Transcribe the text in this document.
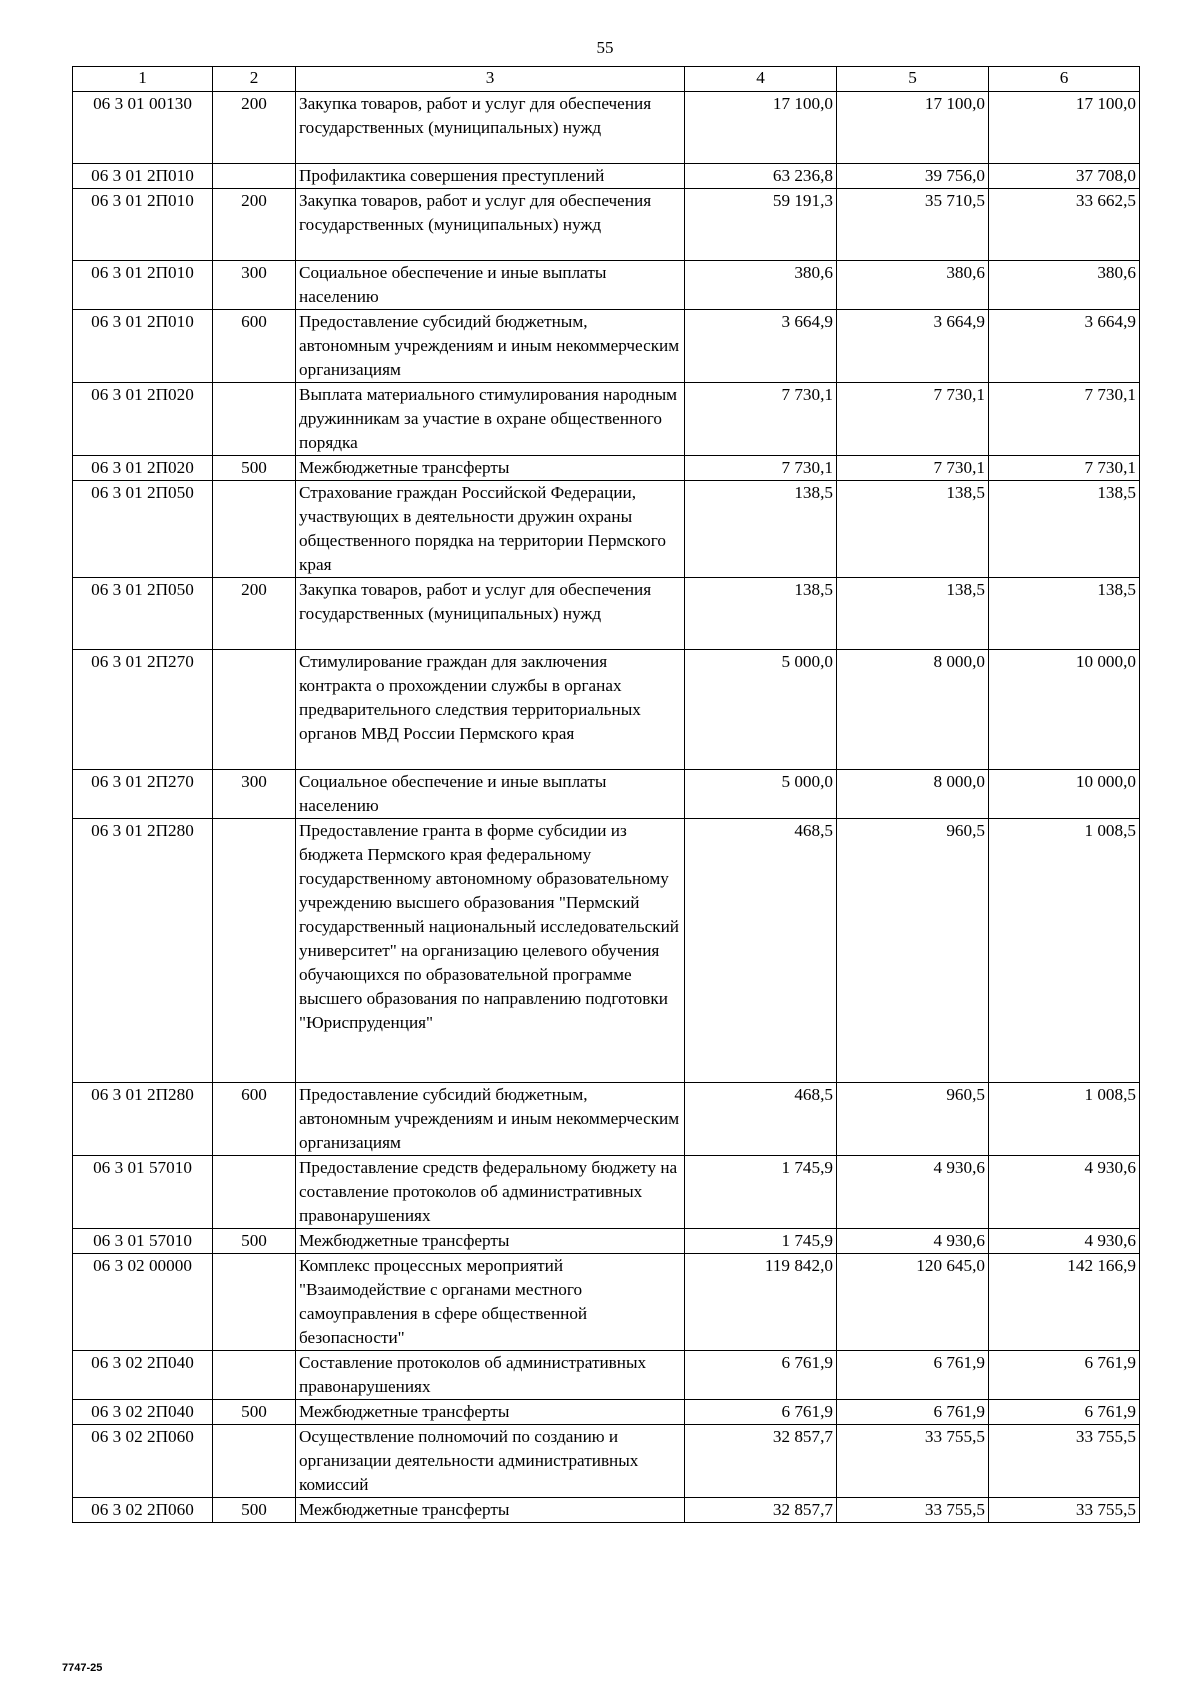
55
1	2	3	4	5	6
06 3 01 00130	200	Закупка товаров, работ и услуг для обеспечения государственных (муниципальных) нужд	17 100,0	17 100,0	17 100,0
06 3 01 2П010		Профилактика совершения преступлений	63 236,8	39 756,0	37 708,0
06 3 01 2П010	200	Закупка товаров, работ и услуг для обеспечения государственных (муниципальных) нужд	59 191,3	35 710,5	33 662,5
06 3 01 2П010	300	Социальное обеспечение и иные выплаты населению	380,6	380,6	380,6
06 3 01 2П010	600	Предоставление субсидий бюджетным, автономным учреждениям и иным некоммерческим организациям	3 664,9	3 664,9	3 664,9
06 3 01 2П020		Выплата материального стимулирования народным дружинникам за участие в охране общественного порядка	7 730,1	7 730,1	7 730,1
06 3 01 2П020	500	Межбюджетные трансферты	7 730,1	7 730,1	7 730,1
06 3 01 2П050		Страхование граждан Российской Федерации, участвующих в деятельности дружин охраны общественного порядка на территории Пермского края	138,5	138,5	138,5
06 3 01 2П050	200	Закупка товаров, работ и услуг для обеспечения государственных (муниципальных) нужд	138,5	138,5	138,5
06 3 01 2П270		Стимулирование граждан для заключения контракта о прохождении службы в органах предварительного следствия территориальных органов МВД России Пермского края	5 000,0	8 000,0	10 000,0
06 3 01 2П270	300	Социальное обеспечение и иные выплаты населению	5 000,0	8 000,0	10 000,0
06 3 01 2П280		Предоставление гранта в форме субсидии из бюджета Пермского края федеральному государственному автономному образовательному учреждению высшего образования "Пермский государственный национальный исследовательский университет" на организацию целевого обучения обучающихся по образовательной программе высшего образования по направлению подготовки "Юриспруденция"	468,5	960,5	1 008,5
06 3 01 2П280	600	Предоставление субсидий бюджетным, автономным учреждениям и иным некоммерческим организациям	468,5	960,5	1 008,5
06 3 01 57010		Предоставление средств федеральному бюджету на составление протоколов об административных правонарушениях	1 745,9	4 930,6	4 930,6
06 3 01 57010	500	Межбюджетные трансферты	1 745,9	4 930,6	4 930,6
06 3 02 00000		Комплекс процессных мероприятий "Взаимодействие с органами местного самоуправления в сфере общественной безопасности"	119 842,0	120 645,0	142 166,9
06 3 02 2П040		Составление протоколов об административных правонарушениях	6 761,9	6 761,9	6 761,9
06 3 02 2П040	500	Межбюджетные трансферты	6 761,9	6 761,9	6 761,9
06 3 02 2П060		Осуществление полномочий по созданию и организации деятельности административных комиссий	32 857,7	33 755,5	33 755,5
06 3 02 2П060	500	Межбюджетные трансферты	32 857,7	33 755,5	33 755,5
7747-25
